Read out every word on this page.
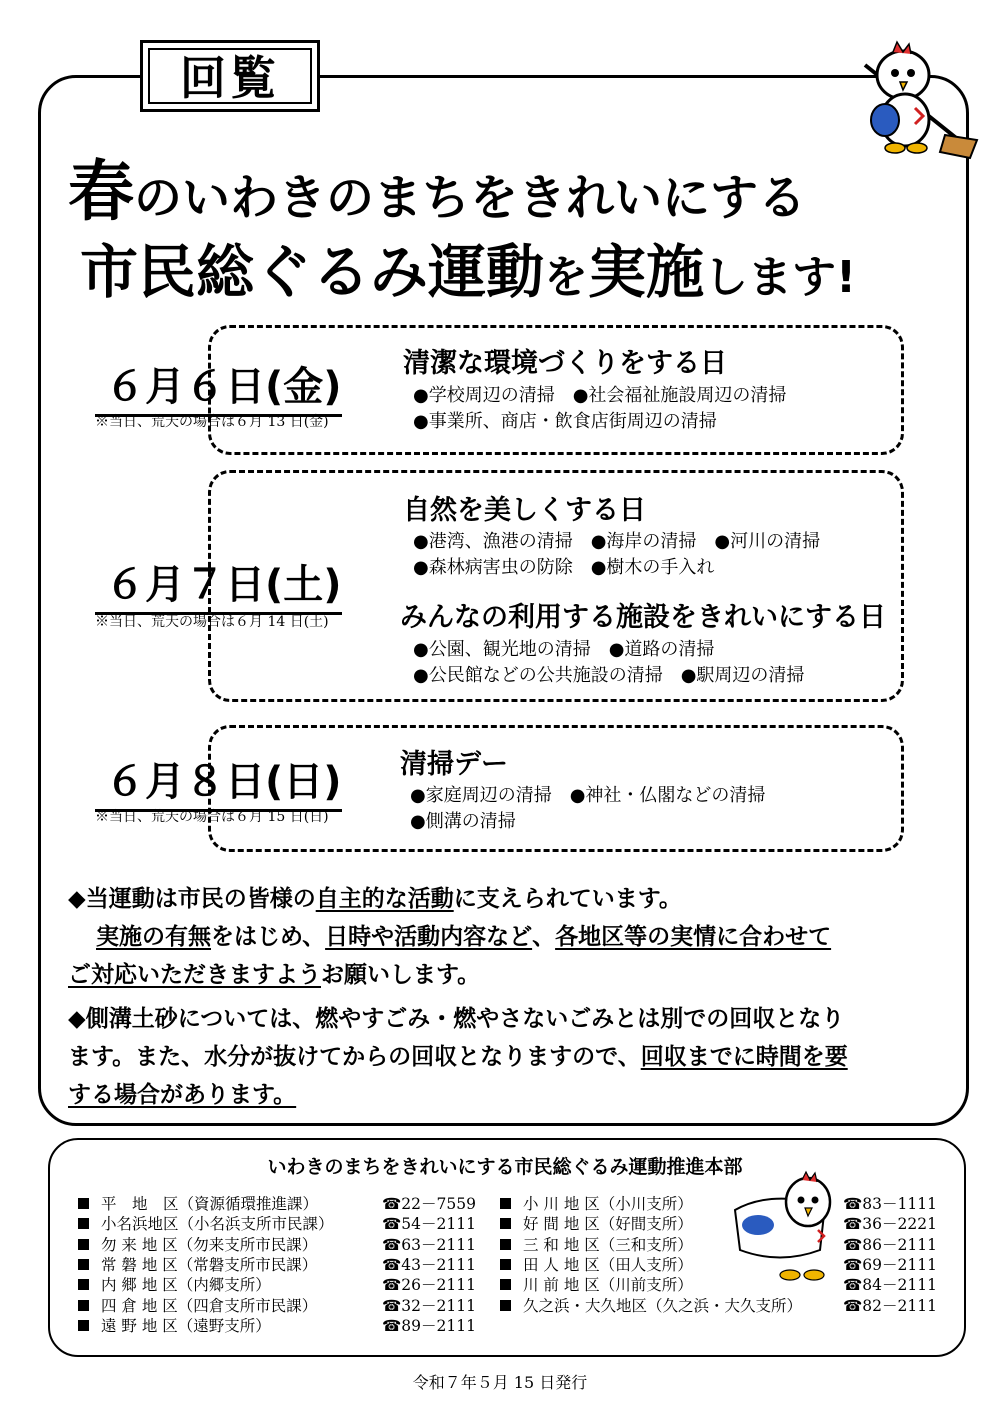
回覧
春のいわきのまちをきれいにする
市民総ぐるみ運動を実施します!
６月６日(金)
※当日、荒天の場合は６月 13 日(金)
清潔な環境づくりをする日
●学校周辺の清掃　●社会福祉施設周辺の清掃
●事業所、商店・飲食店街周辺の清掃
６月７日(土)
※当日、荒天の場合は６月 14 日(土)
自然を美しくする日
●港湾、漁港の清掃　●海岸の清掃　●河川の清掃
●森林病害虫の防除　●樹木の手入れ
みんなの利用する施設をきれいにする日
●公園、観光地の清掃　●道路の清掃
●公民館などの公共施設の清掃　●駅周辺の清掃
６月８日(日)
※当日、荒天の場合は６月 15 日(日)
清掃デー
●家庭周辺の清掃　●神社・仏閣などの清掃
●側溝の清掃
◆当運動は市民の皆様の自主的な活動に支えられています。
実施の有無をはじめ、日時や活動内容など、各地区等の実情に合わせて
ご対応いただきますようお願いします。
◆側溝土砂については、燃やすごみ・燃やさないごみとは別での回収となり
ます。また、水分が抜けてからの回収となりますので、回収までに時間を要
する場合があります。
いわきのまちをきれいにする市民総ぐるみ運動推進本部
平　地　区（資源循環推進課）	☎22－7559
小名浜地区（小名浜支所市民課）	☎54－2111
勿 来 地 区（勿来支所市民課）	☎63－2111
常 磐 地 区（常磐支所市民課）	☎43－2111
内 郷 地 区（内郷支所）	☎26－2111
四 倉 地 区（四倉支所市民課）	☎32－2111
遠 野 地 区（遠野支所）	☎89－2111
小 川 地 区（小川支所）	☎83－1111
好 間 地 区（好間支所）	☎36－2221
三 和 地 区（三和支所）	☎86－2111
田 人 地 区（田人支所）	☎69－2111
川 前 地 区（川前支所）	☎84－2111
久之浜・大久地区（久之浜・大久支所）	☎82－2111
令和７年５月 15 日発行
